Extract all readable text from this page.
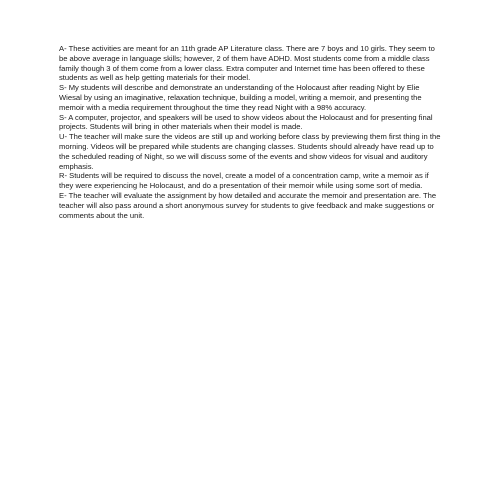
A- These activities are meant for an 11th grade AP Literature class. There are 7 boys and 10 girls. They seem to be above average in language skills; however, 2 of them have ADHD. Most students come from a middle class family though 3 of them come from a lower class. Extra computer and Internet time has been offered to these students as well as help getting materials for their model.

S- My students will describe and demonstrate an understanding of the Holocaust after reading Night by Elie Wiesal by using an imaginative, relaxation technique, building a model, writing a memoir, and presenting the memoir with a media requirement throughout the time they read Night with a 98% accuracy.

S- A computer, projector, and speakers will be used to show videos about the Holocaust and for presenting final projects. Students will bring in other materials when their model is made.

U- The teacher will make sure the videos are still up and working before class by previewing them first thing in the morning. Videos will be prepared while students are changing classes. Students should already have read up to the scheduled reading of Night, so we will discuss some of the events and show videos for visual and auditory emphasis.

R- Students will be required to discuss the novel, create a model of a concentration camp, write a memoir as if they were experiencing he Holocaust, and do a presentation of their memoir while using some sort of media.

E- The teacher will evaluate the assignment by how detailed and accurate the memoir and presentation are. The teacher will also pass around a short anonymous survey for students to give feedback and make suggestions or comments about the unit.
